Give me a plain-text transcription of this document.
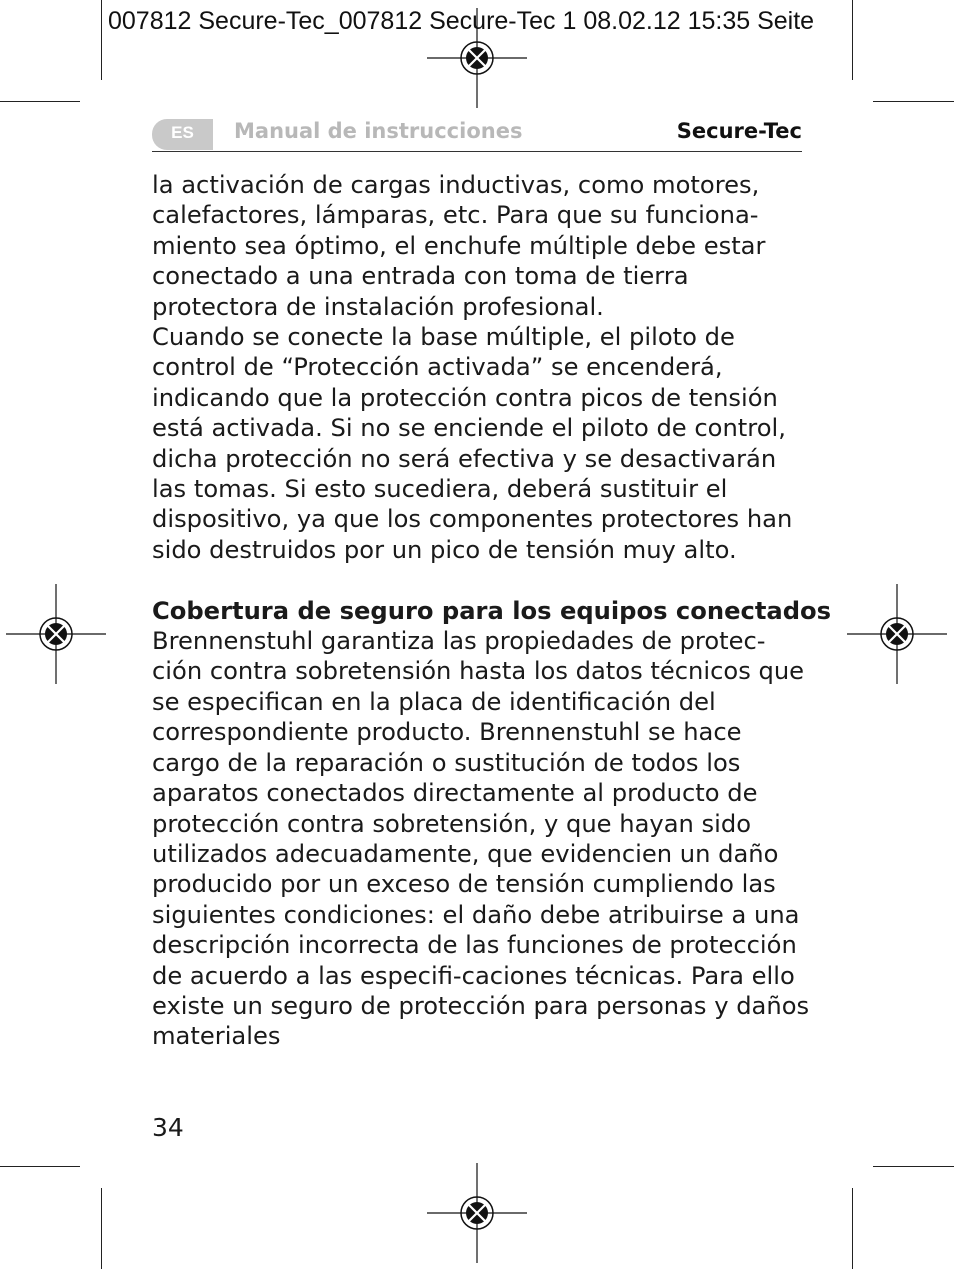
007812 Secure-Tec_007812 Secure-Tec 1 08.02.12 15:35 Seite
ES	Manual de instrucciones	Secure-Tec

la activación de cargas inductivas, como motores, calefactores, lámparas, etc. Para que su funciona-miento sea óptimo, el enchufe múltiple debe estar conectado a una entrada con toma de tierra protectora de instalación profesional.

Cuando se conecte la base múltiple, el piloto de control de “Protección activada” se encenderá, indicando que la protección contra picos de tensión está activada. Si no se enciende el piloto de control, dicha protección no será efectiva y se desactivarán las tomas. Si esto sucediera, deberá sustituir el dispositivo, ya que los componentes protectores han sido destruidos por un pico de tensión muy alto.

Cobertura de seguro para los equipos conectados

Brennenstuhl garantiza las propiedades de protec-ción contra sobretensión hasta los datos técnicos que se especifican en la placa de identificación del correspondiente producto. Brennenstuhl se hace cargo de la reparación o sustitución de todos los aparatos conectados directamente al producto de protección contra sobretensión, y que hayan sido utilizados adecuadamente, que evidencien un daño producido por un exceso de tensión cumpliendo las siguientes condiciones: el daño debe atribuirse a una descripción incorrecta de las funciones de protección de acuerdo a las especifi-caciones técnicas. Para ello existe un seguro de protección para personas y daños materiales

34
